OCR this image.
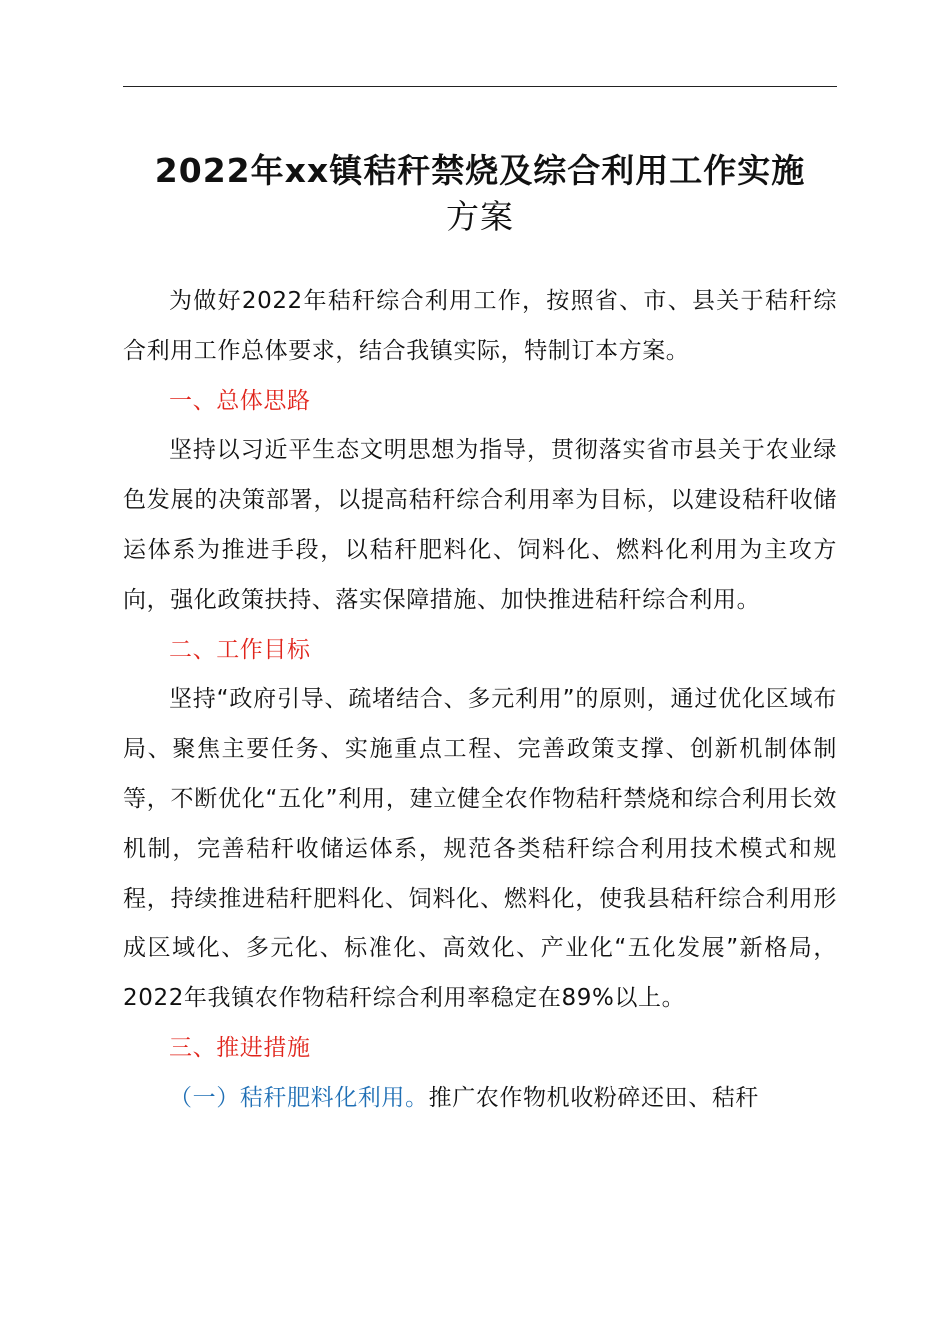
2022年xx镇秸秆禁烧及综合利用工作实施
方案

为做好2022年秸秆综合利用工作，按照省、市、县关于秸秆综合利用工作总体要求，结合我镇实际，特制订本方案。

一、总体思路

坚持以习近平生态文明思想为指导，贯彻落实省市县关于农业绿色发展的决策部署，以提高秸秆综合利用率为目标，以建设秸秆收储运体系为推进手段，以秸秆肥料化、饲料化、燃料化利用为主攻方向，强化政策扶持、落实保障措施、加快推进秸秆综合利用。

二、工作目标

坚持“政府引导、疏堵结合、多元利用”的原则，通过优化区域布局、聚焦主要任务、实施重点工程、完善政策支撑、创新机制体制等，不断优化“五化”利用，建立健全农作物秸秆禁烧和综合利用长效机制，完善秸秆收储运体系，规范各类秸秆综合利用技术模式和规程，持续推进秸秆肥料化、饲料化、燃料化，使我县秸秆综合利用形成区域化、多元化、标准化、高效化、产业化“五化发展”新格局，2022年我镇农作物秸秆综合利用率稳定在89%以上。

三、推进措施

（一）秸秆肥料化利用。推广农作物机收粉碎还田、秸秆
